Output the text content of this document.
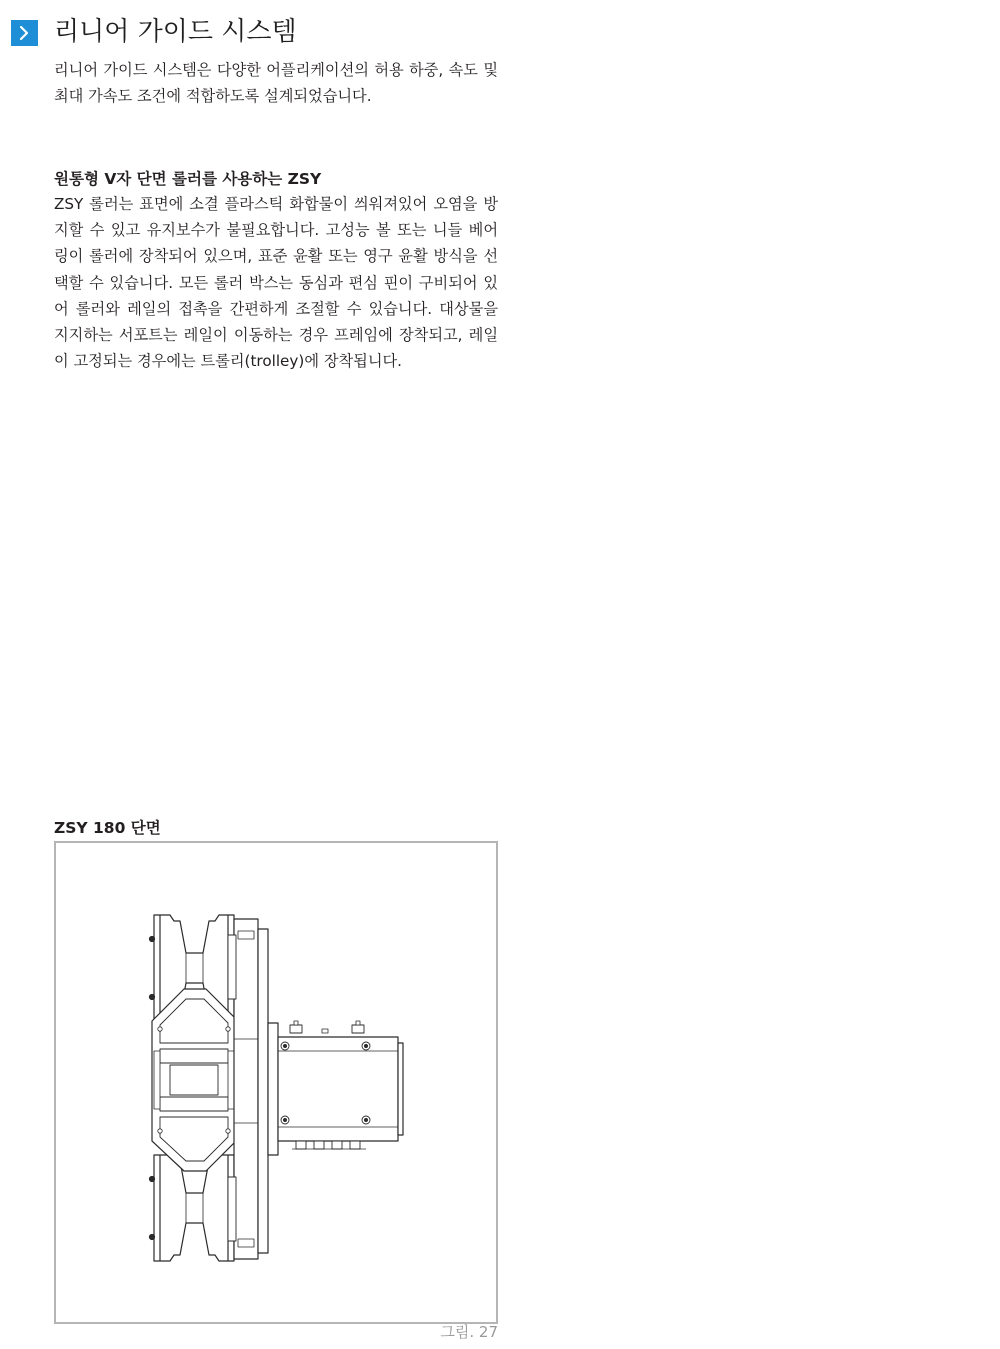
리니어 가이드 시스템

리니어 가이드 시스템은 다양한 어플리케이션의 허용 하중, 속도 및 최대 가속도 조건에 적합하도록 설계되었습니다.

원통형 V자 단면 롤러를 사용하는 ZSY

ZSY 롤러는 표면에 소결 플라스틱 화합물이 씌워져있어 오염을 방지할 수 있고 유지보수가 불필요합니다. 고성능 볼 또는 니들 베어링이 롤러에 장착되어 있으며, 표준 윤활 또는 영구 윤활 방식을 선택할 수 있습니다. 모든 롤러 박스는 동심과 편심 핀이 구비되어 있어 롤러와 레일의 접촉을 간편하게 조절할 수 있습니다. 대상물을 지지하는 서포트는 레일이 이동하는 경우 프레임에 장착되고, 레일이 고정되는 경우에는 트롤리(trolley)에 장착됩니다.

ZSY 180 단면

그림. 27
